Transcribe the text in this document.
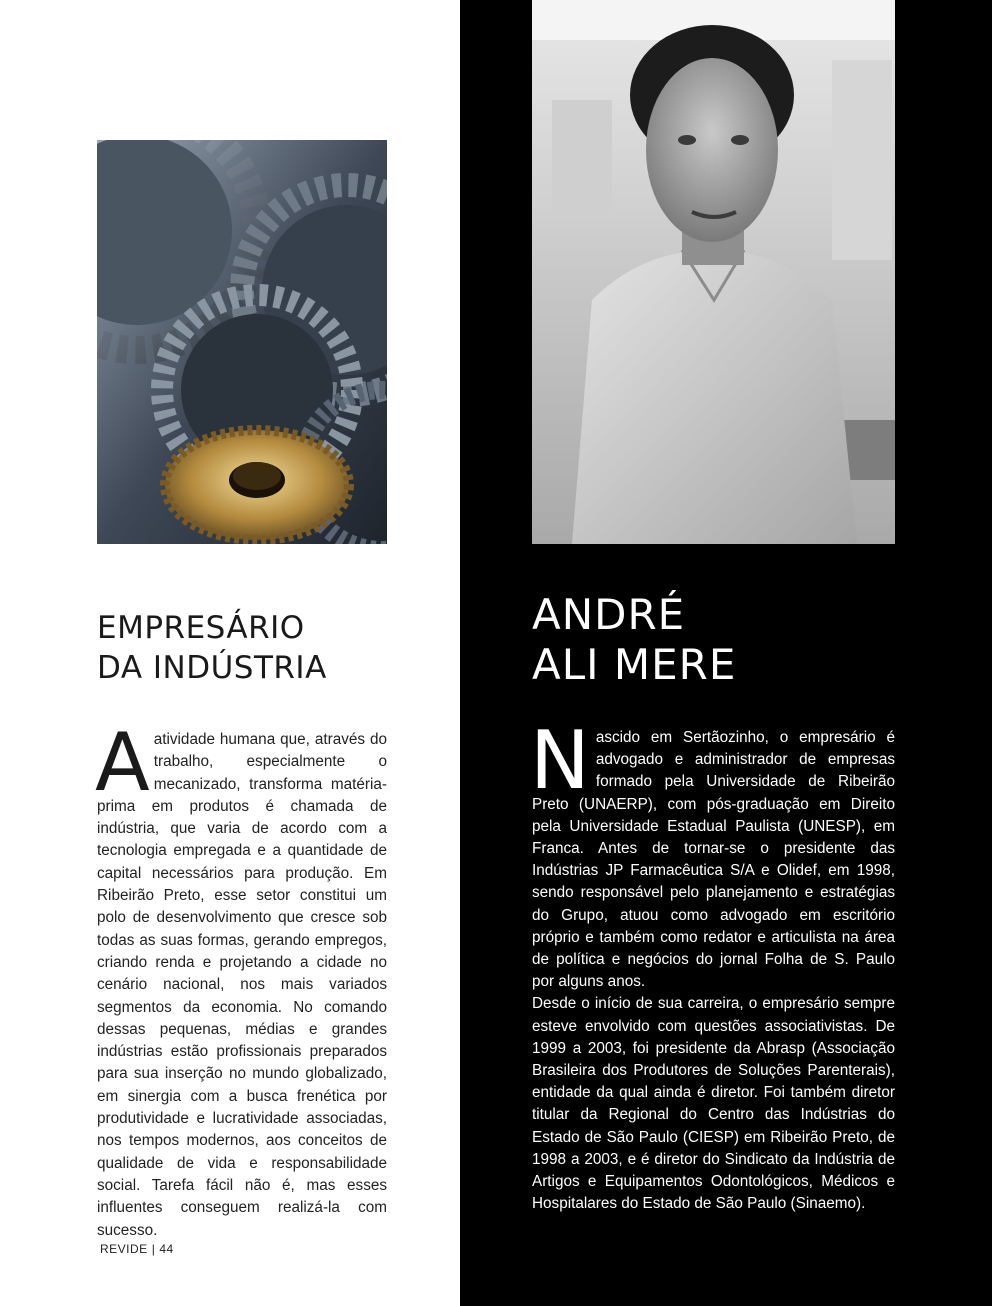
EMPRESÁRIO
DA INDÚSTRIA

Aatividade humana que, através do trabalho, especialmente o mecanizado, transforma matéria-prima em produtos é chamada de indústria, que varia de acordo com a tecnologia empregada e a quantidade de capital necessários para produção. Em Ribeirão Preto, esse setor constitui um polo de desenvolvimento que cresce sob todas as suas formas, gerando empregos, criando renda e projetando a cidade no cenário nacional, nos mais variados segmentos da economia. No comando dessas pequenas, médias e grandes indústrias estão profissionais preparados para sua inserção no mundo globalizado, em sinergia com a busca frenética por produtividade e lucratividade associadas, nos tempos modernos, aos conceitos de qualidade de vida e responsabilidade social. Tarefa fácil não é, mas esses influentes conseguem realizá-la com sucesso.

REVIDE | 44
ANDRÉ
ALI MERE

Nascido em Sertãozinho, o empresário é advogado e administrador de empresas formado pela Universidade de Ribeirão Preto (UNAERP), com pós-graduação em Direito pela Universidade Estadual Paulista (UNESP), em Franca. Antes de tornar-se o presidente das Indústrias JP Farmacêutica S/A e Olidef, em 1998, sendo responsável pelo planejamento e estratégias do Grupo, atuou como advogado em escritório próprio e também como redator e articulista na área de política e negócios do jornal Folha de S. Paulo por alguns anos.

Desde o início de sua carreira, o empresário sempre esteve envolvido com questões associativistas. De 1999 a 2003, foi presidente da Abrasp (Associação Brasileira dos Produtores de Soluções Parenterais), entidade da qual ainda é diretor. Foi também diretor titular da Regional do Centro das Indústrias do Estado de São Paulo (CIESP) em Ribeirão Preto, de 1998 a 2003, e é diretor do Sindicato da Indústria de Artigos e Equipamentos Odontológicos, Médicos e Hospitalares do Estado de São Paulo (Sinaemo).
